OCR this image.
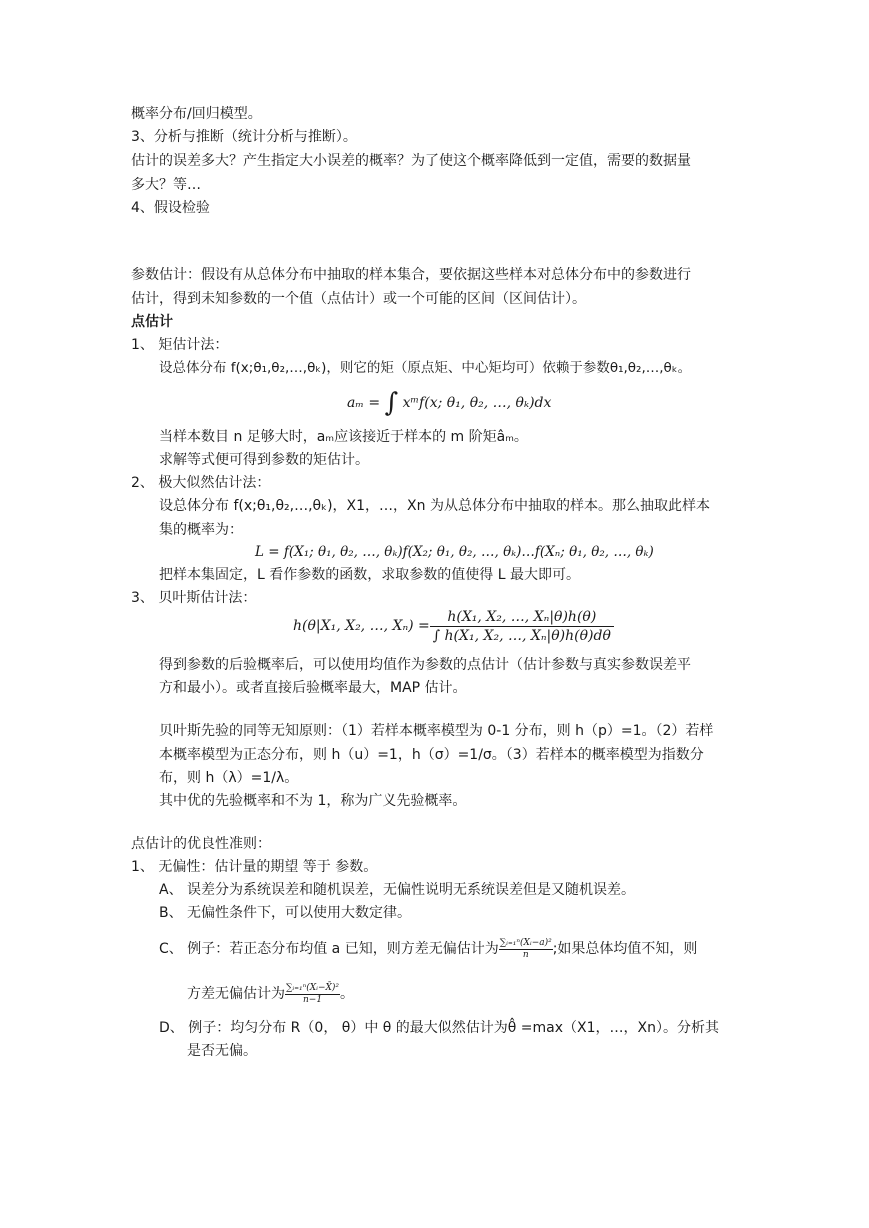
概率分布/回归模型。
3、分析与推断（统计分析与推断）。
估计的误差多大？产生指定大小误差的概率？为了使这个概率降低到一定值，需要的数据量
多大？等…
4、假设检验
参数估计：假设有从总体分布中抽取的样本集合，要依据这些样本对总体分布中的参数进行
估计，得到未知参数的一个值（点估计）或一个可能的区间（区间估计）。
点估计
1、 矩估计法：
设总体分布 f(x;θ₁,θ₂,…,θₖ)，则它的矩（原点矩、中心矩均可）依赖于参数θ₁,θ₂,…,θₖ。
aₘ = ∫ xᵐf(x; θ₁, θ₂, …, θₖ)dx
当样本数目 n 足够大时，aₘ应该接近于样本的 m 阶矩âₘ。
求解等式便可得到参数的矩估计。
2、 极大似然估计法：
设总体分布 f(x;θ₁,θ₂,…,θₖ)，X1，…，Xn 为从总体分布中抽取的样本。那么抽取此样本
集的概率为：
L = f(X₁; θ₁, θ₂, …, θₖ)f(X₂; θ₁, θ₂, …, θₖ)…f(Xₙ; θ₁, θ₂, …, θₖ)
把样本集固定，L 看作参数的函数，求取参数的值使得 L 最大即可。
3、 贝叶斯估计法：
h(θ|X₁, X₂, …, $X_n) = \frac{\text{h(X₁, X₂, …, Xₙ|θ)h(θ)}}{\text{∫ h(X₁, X₂, …, Xₙ|θ)h(θ)dθ}}$
得到参数的后验概率后，可以使用均值作为参数的点估计（估计参数与真实参数误差平
方和最小）。或者直接后验概率最大，MAP 估计。
贝叶斯先验的同等无知原则：（1）若样本概率模型为 0-1 分布，则 h（p）=1。（2）若样
本概率模型为正态分布，则 h（u）=1，h（σ）=1/σ。（3）若样本的概率模型为指数分
布，则 h（λ）=1/λ。
其中优的先验概率和不为 1，称为广义先验概率。
点估计的优良性准则：
1、 无偏性：估计量的期望 等于 参数。
A、 误差分为系统误差和随机误差，无偏性说明无系统误差但是又随机误差。
B、 无偏性条件下，可以使用大数定律。
C、 例子：若正态分布均值 a 已知，则方差无偏估计为 $\frac{\text{∑ᵢ₌₁ⁿ(Xᵢ−a)²}}{n}$ ;如果总体均值不知，则
方差无偏估计为 $\frac{\text{∑ᵢ₌₁ⁿ(Xᵢ−X̄)²}}{n-1}$ 。
D、 例子：均匀分布 R（0， θ）中 θ 的最大似然估计为θ̂ =max（X1，…，Xn）。分析其
是否无偏。
